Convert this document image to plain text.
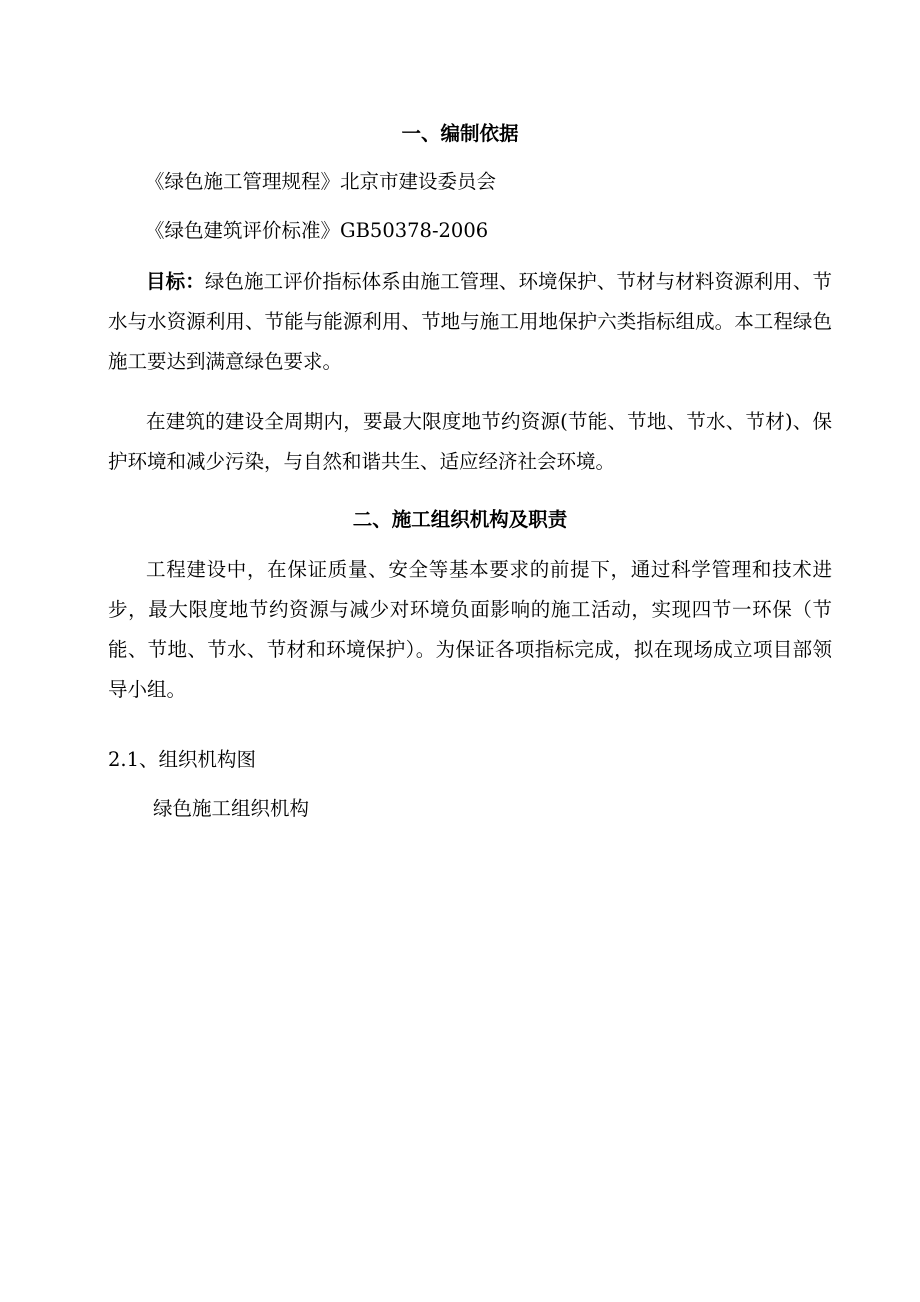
一、编制依据
《绿色施工管理规程》北京市建设委员会
《绿色建筑评价标准》GB50378-2006
目标：绿色施工评价指标体系由施工管理、环境保护、节材与材料资源利用、节水与水资源利用、节能与能源利用、节地与施工用地保护六类指标组成。本工程绿色施工要达到满意绿色要求。
在建筑的建设全周期内，要最大限度地节约资源(节能、节地、节水、节材)、保护环境和减少污染，与自然和谐共生、适应经济社会环境。
二、施工组织机构及职责
工程建设中，在保证质量、安全等基本要求的前提下，通过科学管理和技术进步，最大限度地节约资源与减少对环境负面影响的施工活动，实现四节一环保（节能、节地、节水、节材和环境保护）。为保证各项指标完成，拟在现场成立项目部领导小组。
2.1、组织机构图
绿色施工组织机构
